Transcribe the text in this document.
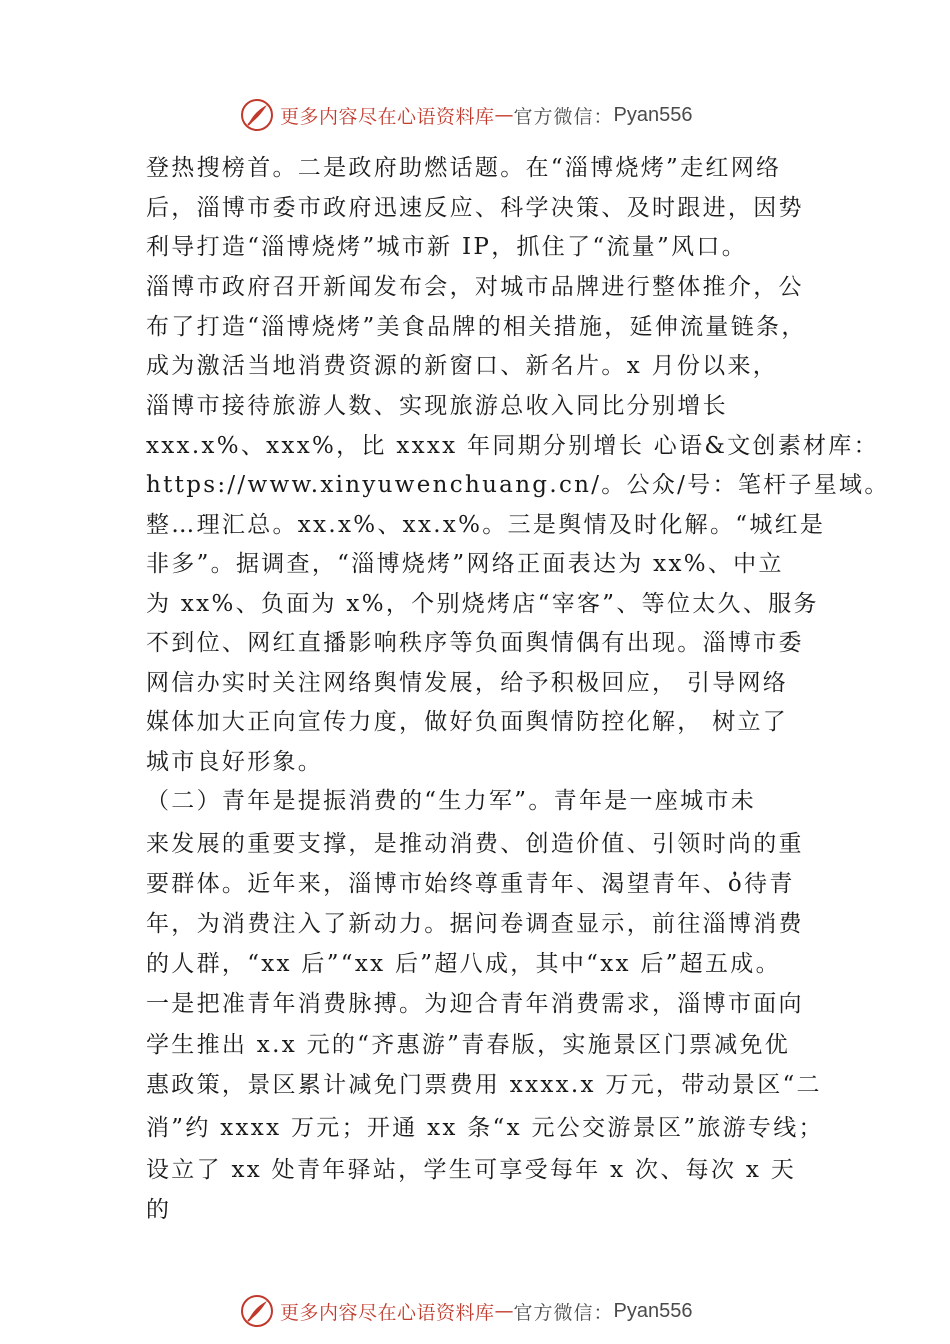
更多内容尽在心语资料库 — 官方微信： Pyan556
登热搜榜首。二是政府助燃话题。在“淄博烧烤”走红网络
后，淄博市委市政府迅速反应、科学决策、及时跟进，因势
利导打造“淄博烧烤”城市新 IP，抓住了“流量”风口。
淄博市政府召开新闻发布会，对城市品牌进行整体推介，公
布了打造“淄博烧烤”美食品牌的相关措施，延伸流量链条，
成为激活当地消费资源的新窗口、新名片。x 月份以来，
淄博市接待旅游人数、实现旅游总收入同比分别增长
xxx.x%、xxx%，比 xxxx 年同期分别增长 心语&文创素材库：
https://www.xinyuwenchuang.cn/。公众/号：笔杆子星域。
整…理汇总。xx.x%、xx.x%。三是舆情及时化解。“城红是
非多”。据调查，“淄博烧烤”网络正面表达为 xx%、中立
为 xx%、负面为 x%，个别烧烤店“宰客”、等位太久、服务
不到位、网红直播影响秩序等负面舆情偶有出现。淄博市委
网信办实时关注网络舆情发展，给予积极回应， 引导网络
媒体加大正向宣传力度，做好负面舆情防控化解， 树立了
城市良好形象。
（二）青年是提振消费的“生力军”。青年是一座城市未
来发展的重要支撑，是推动消费、创造价值、引领时尚的重
要群体。近年来，淄博市始终尊重青年、渴望青年、ὀ待青
年，为消费注入了新动力。据问卷调查显示，前往淄博消费
的人群，“xx 后”“xx 后”超八成，其中“xx 后”超五成。
一是把准青年消费脉搏。为迎合青年消费需求，淄博市面向
学生推出 x.x 元的“齐惠游”青春版，实施景区门票减免优
惠政策，景区累计减免门票费用 xxxx.x 万元，带动景区“二
消”约 xxxx 万元；开通 xx 条“x 元公交游景区”旅游专线；
设立了 xx 处青年驿站，学生可享受每年 x 次、每次 x 天
的
更多内容尽在心语资料库 — 官方微信： Pyan556
